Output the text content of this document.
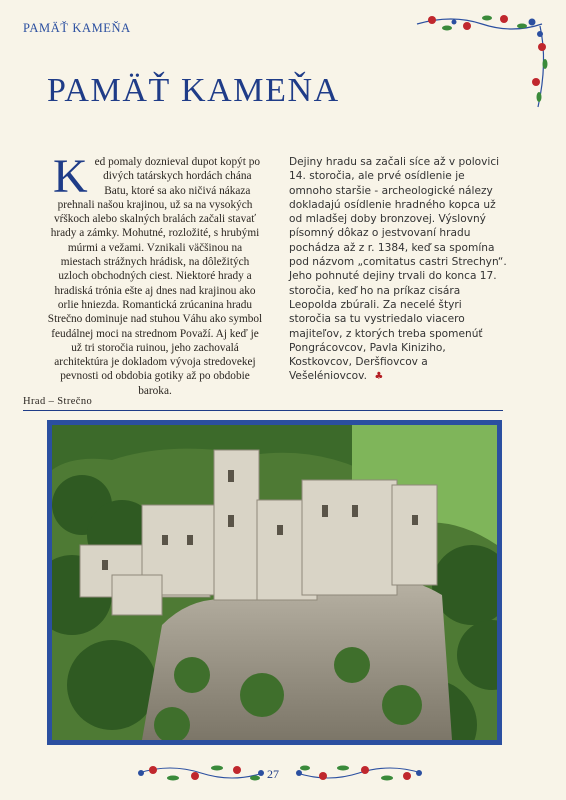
PAMÄŤ KAMEŇA
PAMÄŤ KAMEŇA

Ked pomaly doznieval dupot kopýt po divých tatárskych hordách chána Batu, ktoré sa ako ničivá nákaza prehnali našou krajinou, už sa na vysokých vŕškoch alebo skalných bralách začali stavať hrady a zámky. Mohutné, rozložité, s hrubými múrmi a vežami. Vznikali väčšinou na miestach strážnych hrádisk, na dôležitých uzloch obchodných ciest. Niektoré hrady a hradiská trónia ešte aj dnes nad krajinou ako orlie hniezda. Romantická zrúcanina hradu Strečno dominuje nad stuhou Váhu ako symbol feudálnej moci na strednom Považí. Aj keď je už tri storočia ruinou, jeho zachovalá architektúra je dokladom vývoja stredovekej pevnosti od obdobia gotiky až po obdobie baroka.

Dejiny hradu sa začali síce až v polovici 14. storočia, ale prvé osídlenie je omnoho staršie - archeologické nálezy dokladajú osídlenie hradného kopca už od mladšej doby bronzovej. Výslovný písomný dôkaz o jestvovaní hradu pochádza až z r. 1384, keď sa spomína pod názvom „comitatus castri Strechyn“. Jeho pohnuté dejiny trvali do konca 17. storočia, keď ho na príkaz cisára Leopolda zbúrali. Za necelé štyri storočia sa tu vystriedalo viacero majiteľov, z ktorých treba spomenúť Pongrácovcov, Pavla Kiniziho, Kostkovcov, Deršfiovcov a Vešeléniovcov. ♣

Hrad – Strečno
27
